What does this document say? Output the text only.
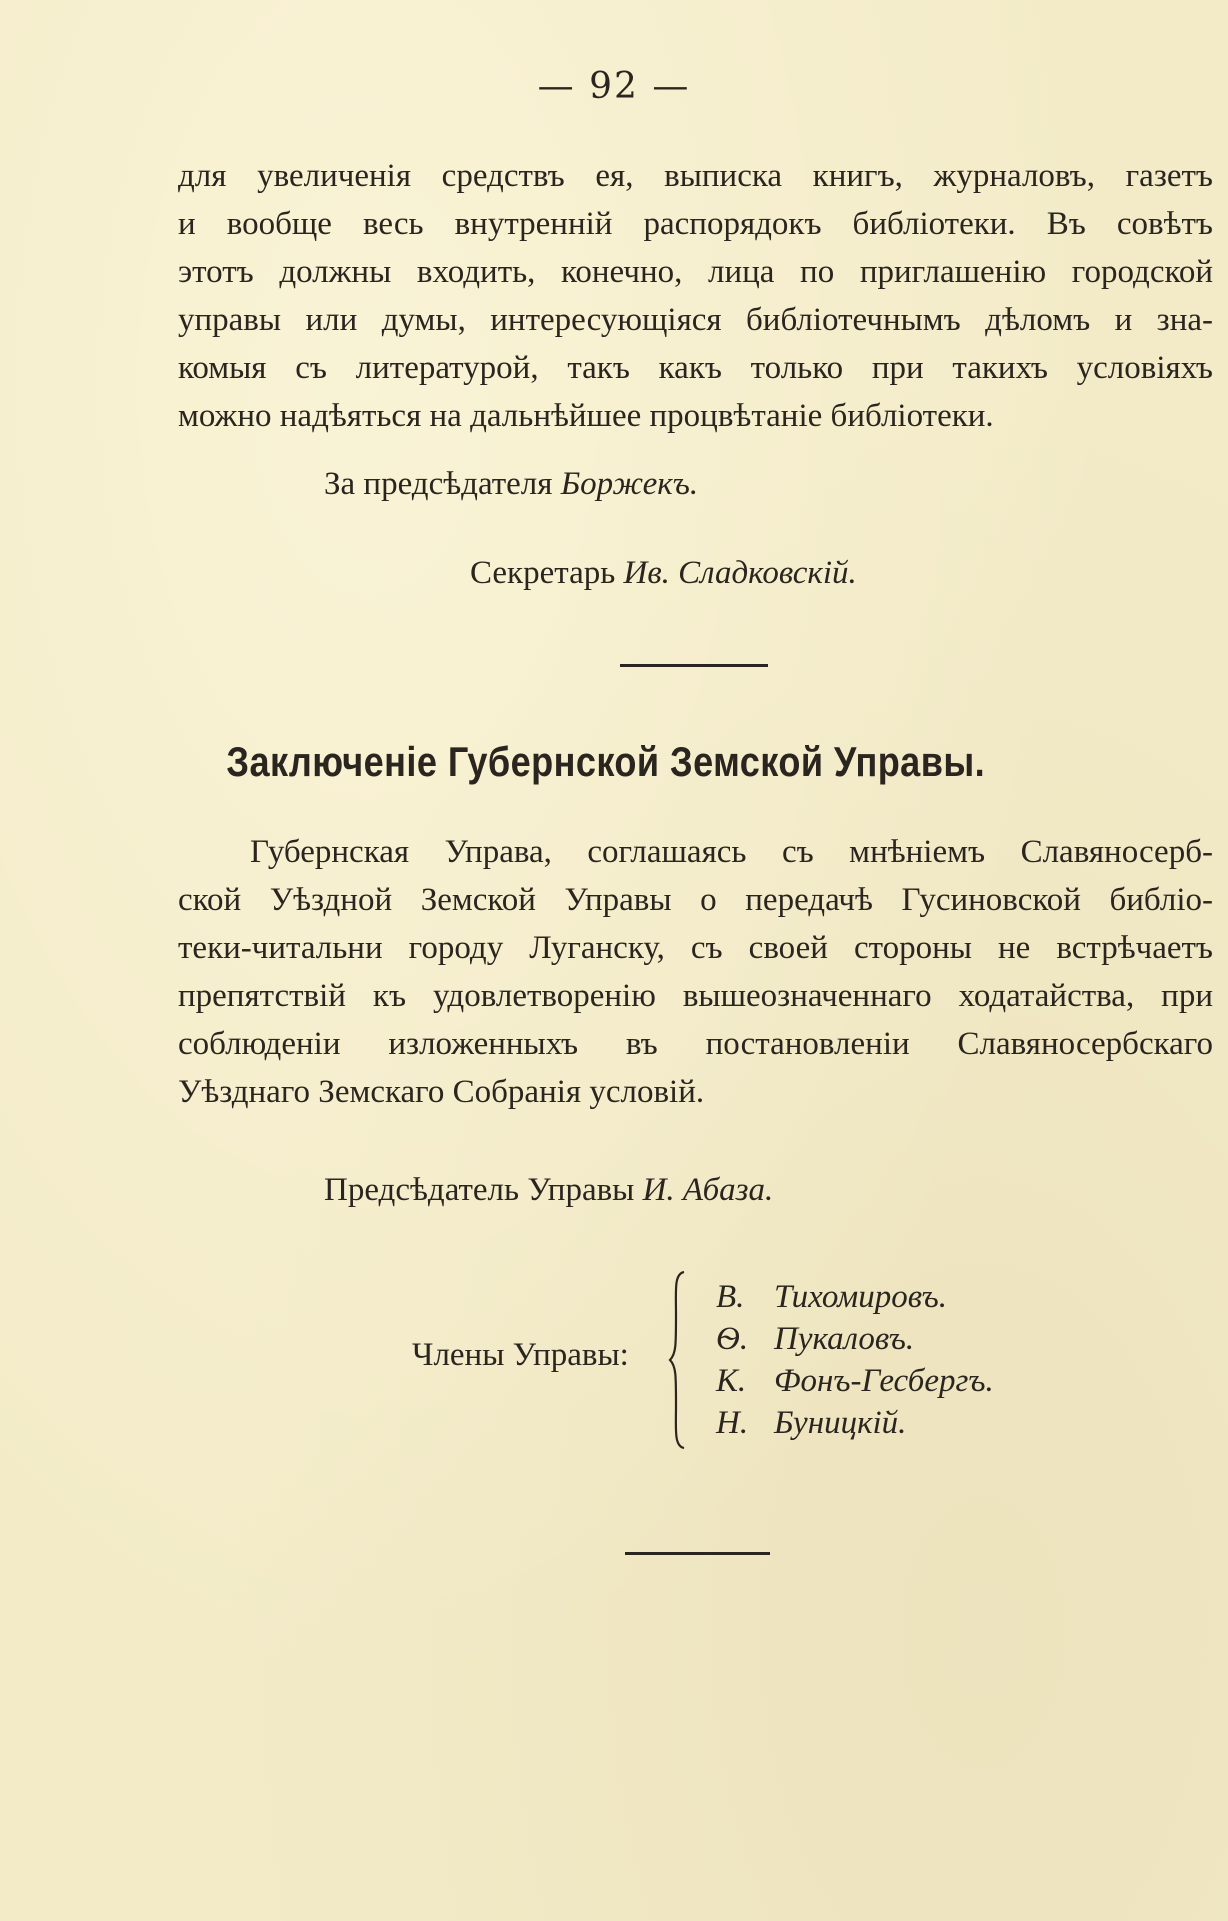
— 92 —
для увеличенія средствъ ея, выписка книгъ, журналовъ, газетъ
и вообще весь внутренній распорядокъ библіотеки. Въ совѣтъ
этотъ должны входить, конечно, лица по приглашенію городской
управы или думы, интересующіяся библіотечнымъ дѣломъ и зна-
комыя съ литературой, такъ какъ только при такихъ условіяхъ
можно надѣяться на дальнѣйшее процвѣтаніе библіотеки.
За предсѣдателя Боржекъ.
Секретарь Ив. Сладковскій.
Заключеніе Губернской Земской Управы.
Губернская Управа, соглашаясь съ мнѣніемъ Славяносерб-
ской Уѣздной Земской Управы о передачѣ Гусиновской библіо-
теки-читальни городу Луганску, съ своей стороны не встрѣчаетъ
препятствій къ удовлетворенію вышеозначеннаго ходатайства, при
соблюденіи изложенныхъ въ постановленіи Славяносербскаго
Уѣзднаго Земскаго Собранія условій.
Предсѣдатель Управы И. Абаза.
Члены Управы:
В. Тихомировъ.
Ѳ. Пукаловъ.
К. Фонъ-Гесбергъ.
Н. Буницкій.
